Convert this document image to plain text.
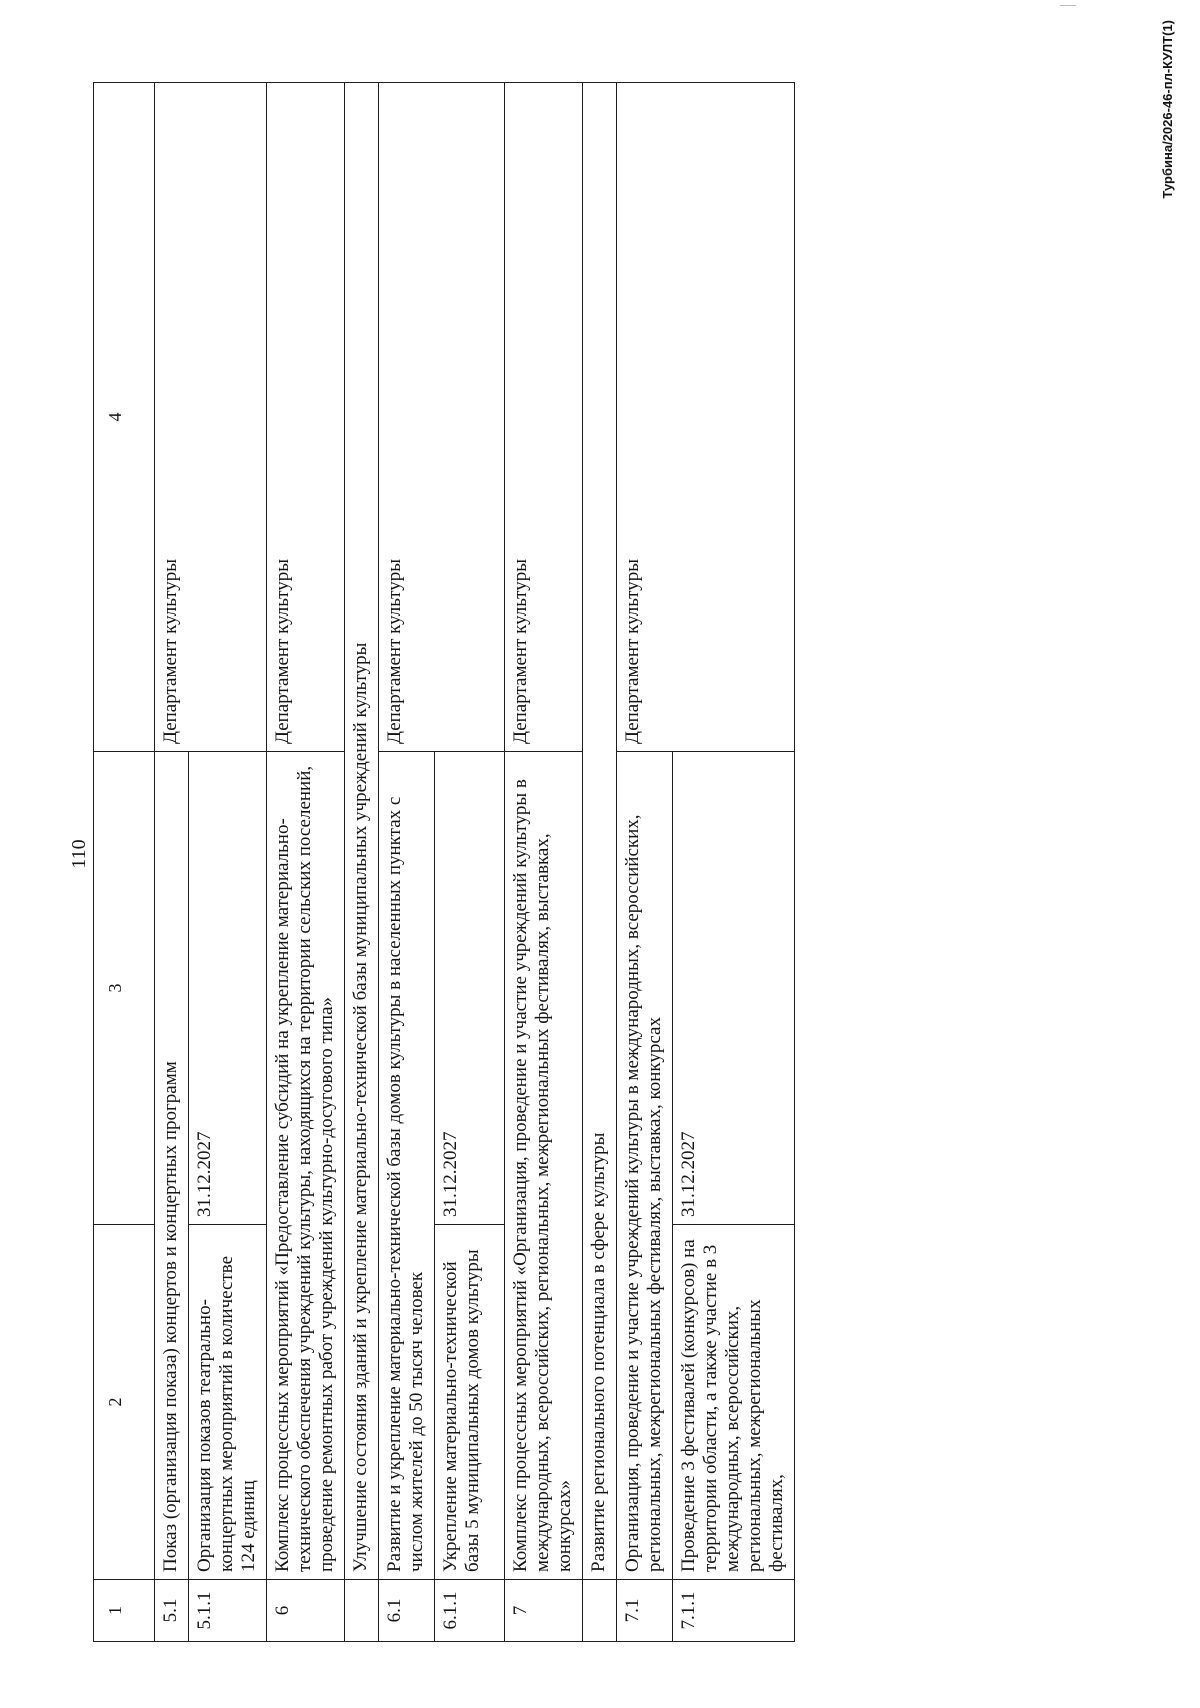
110
1	2	3	4
5.1	Показ (организация показа) концертов и концертных программ		Департамент культуры
5.1.1	Организация показов театрально-концертных мероприятий в количестве 124 единиц	31.12.2027	
6	Комплекс процессных мероприятий «Предоставление субсидий на укрепление материально-технического обеспечения учреждений культуры, находящихся на территории сельских поселений, проведение ремонтных работ учреждений культурно-досугового типа»		Департамент культуры
	Улучшение состояния зданий и укрепление материально-технической базы муниципальных учреждений культуры		
6.1	Развитие и укрепление материально-технической базы домов культуры в населенных пунктах с числом жителей до 50 тысяч человек		Департамент культуры
6.1.1	Укрепление материально-технической базы 5 муниципальных домов культуры	31.12.2027	
7	Комплекс процессных мероприятий «Организация, проведение и участие учреждений культуры в международных, всероссийских, региональных, межрегиональных фестивалях, выставках, конкурсах»		Департамент культуры
	Развитие регионального потенциала в сфере культуры		
7.1	Организация, проведение и участие учреждений культуры в международных, всероссийских, региональных, межрегиональных фестивалях, выставках, конкурсах		Департамент культуры
7.1.1	Проведение 3 фестивалей (конкурсов) на территории области, а также участие в 3 международных, всероссийских, региональных, межрегиональных фестивалях,	31.12.2027	
Турбина/2026-46-пл-КУЛТ(1)
